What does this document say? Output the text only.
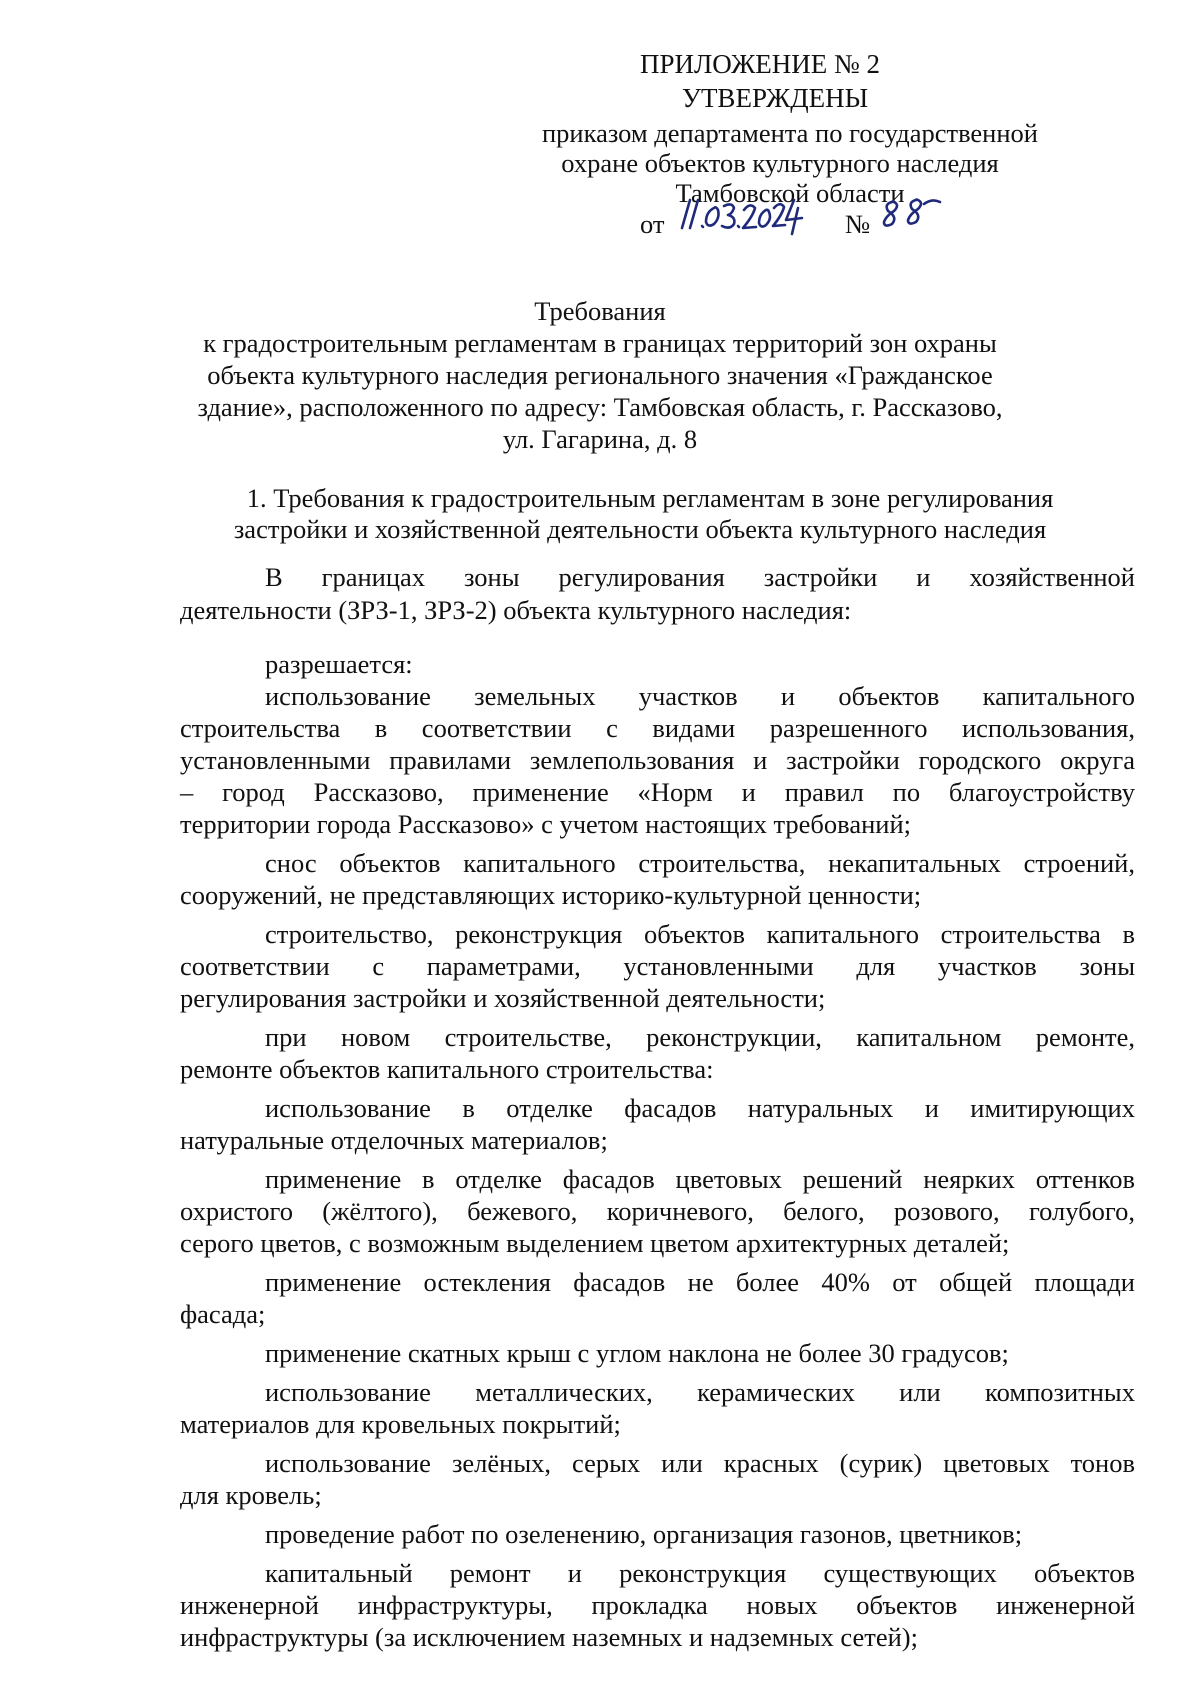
ПРИЛОЖЕНИЕ № 2
УТВЕРЖДЕНЫ
приказом департамента по государственной
охране объектов культурного наследия
Тамбовской области
от	№
Требования
к градостроительным регламентам в границах территорий зон охраны
объекта культурного наследия регионального значения «Гражданское
здание», расположенного по адресу: Тамбовская область, г. Рассказово,
ул. Гагарина, д. 8
1. Требования к градостроительным регламентам в зоне регулирования
застройки и хозяйственной деятельности объекта культурного наследия
В границах зоны регулирования застройки и хозяйственной
деятельности (ЗРЗ-1, ЗРЗ-2) объекта культурного наследия:
разрешается:
использование земельных участков и объектов капитального
строительства в соответствии с видами разрешенного использования,
установленными правилами землепользования и застройки городского округа
– город Рассказово, применение «Норм и правил по благоустройству
территории города Рассказово» с учетом настоящих требований;
снос объектов капитального строительства, некапитальных строений,
сооружений, не представляющих историко-культурной ценности;
строительство, реконструкция объектов капитального строительства в
соответствии с параметрами, установленными для участков зоны
регулирования застройки и хозяйственной деятельности;
при новом строительстве, реконструкции, капитальном ремонте,
ремонте объектов капитального строительства:
использование в отделке фасадов натуральных и имитирующих
натуральные отделочных материалов;
применение в отделке фасадов цветовых решений неярких оттенков
охристого (жёлтого), бежевого, коричневого, белого, розового, голубого,
серого цветов, с возможным выделением цветом архитектурных деталей;
применение остекления фасадов не более 40% от общей площади
фасада;
применение скатных крыш с углом наклона не более 30 градусов;
использование металлических, керамических или композитных
материалов для кровельных покрытий;
использование зелёных, серых или красных (сурик) цветовых тонов
для кровель;
проведение работ по озеленению, организация газонов, цветников;
капитальный ремонт и реконструкция существующих объектов
инженерной инфраструктуры, прокладка новых объектов инженерной
инфраструктуры (за исключением наземных и надземных сетей);
